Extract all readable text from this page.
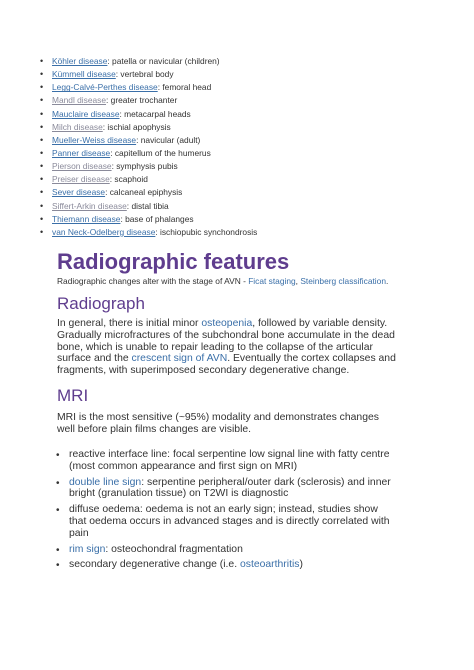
• Köhler disease: patella or navicular (children)
• Kümmell disease: vertebral body
• Legg-Calvé-Perthes disease: femoral head
• Mandl disease: greater trochanter
• Mauclaire disease: metacarpal heads
• Milch disease: ischial apophysis
• Mueller-Weiss disease: navicular (adult)
• Panner disease: capitellum of the humerus
• Pierson disease: symphysis pubis
• Preiser disease: scaphoid
• Sever disease: calcaneal epiphysis
• Siffert-Arkin disease: distal tibia
• Thiemann disease: base of phalanges
• van Neck-Odelberg disease: ischiopubic synchondrosis
Radiographic features
Radiographic changes alter with the stage of AVN - Ficat staging, Steinberg classification.
Radiograph
In general, there is initial minor osteopenia, followed by variable density.
Gradually microfractures of the subchondral bone accumulate in the dead
bone, which is unable to repair leading to the collapse of the articular
surface and the crescent sign of AVN. Eventually the cortex collapses and
fragments, with superimposed secondary degenerative change.
MRI
MRI is the most sensitive (~95%) modality and demonstrates changes
well before plain films changes are visible.
• reactive interface line: focal serpentine low signal line with fatty centre
(most common appearance and first sign on MRI)
• double line sign: serpentine peripheral/outer dark (sclerosis) and inner
bright (granulation tissue) on T2WI is diagnostic
• diffuse oedema: oedema is not an early sign; instead, studies show
that oedema occurs in advanced stages and is directly correlated with
pain
• rim sign: osteochondral fragmentation
• secondary degenerative change (i.e. osteoarthritis)
